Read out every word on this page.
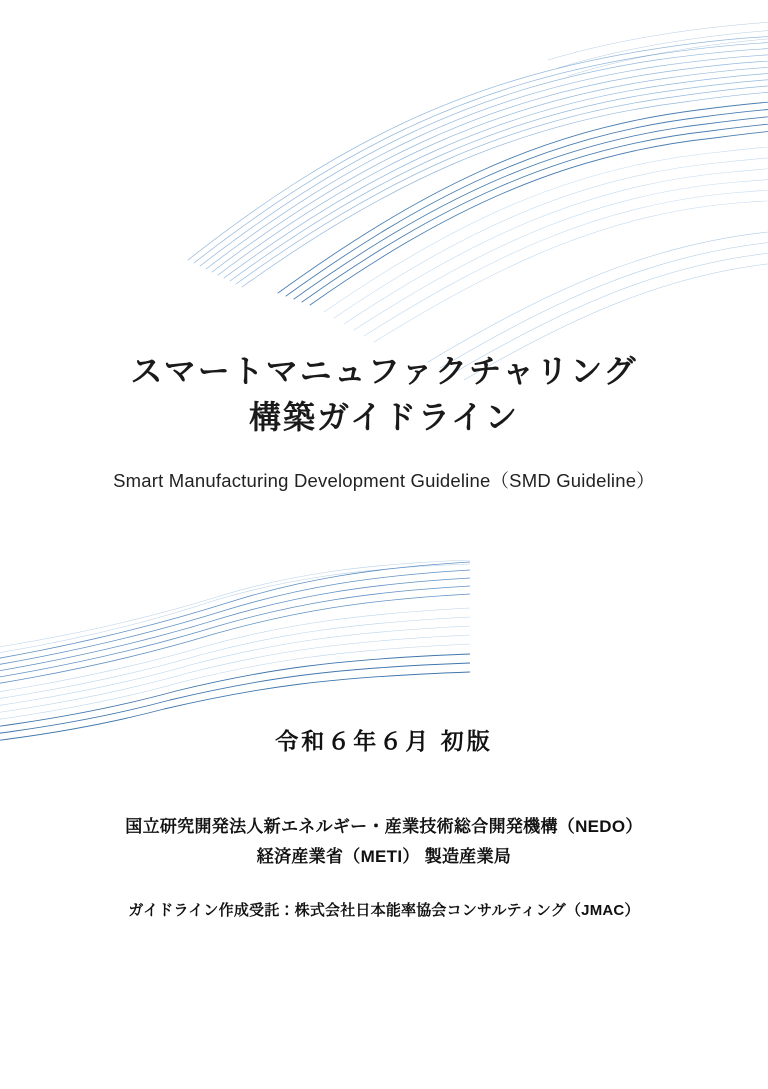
スマートマニュファクチャリング
構築ガイドライン
Smart Manufacturing Development Guideline（SMD Guideline）
令和６年６月 初版
国立研究開発法人新エネルギー・産業技術総合開発機構（NEDO）
経済産業省（METI） 製造産業局
ガイドライン作成受託：株式会社日本能率協会コンサルティング（JMAC）
